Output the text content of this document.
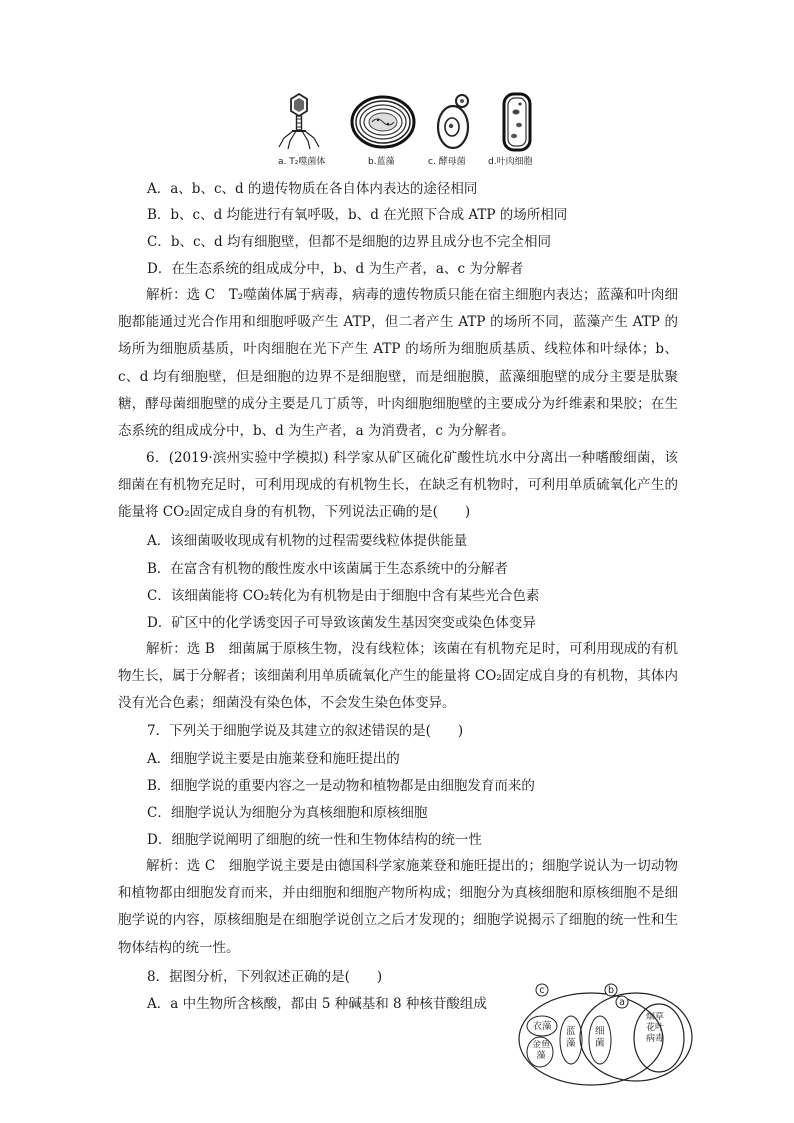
a. T₂噬菌体	b.蓝藻	c. 酵母菌 d.叶肉细胞
A．a、b、c、d 的遗传物质在各自体内表达的途径相同
B．b、c、d 均能进行有氧呼吸，b、d 在光照下合成 ATP 的场所相同
C．b、c、d 均有细胞壁，但都不是细胞的边界且成分也不完全相同
D．在生态系统的组成成分中，b、d 为生产者，a、c 为分解者
解析：选 C　T₂噬菌体属于病毒，病毒的遗传物质只能在宿主细胞内表达；蓝藻和叶肉细胞都能通过光合作用和细胞呼吸产生 ATP，但二者产生 ATP 的场所不同，蓝藻产生 ATP 的场所为细胞质基质，叶肉细胞在光下产生 ATP 的场所为细胞质基质、线粒体和叶绿体；b、c、d 均有细胞壁，但是细胞的边界不是细胞壁，而是细胞膜，蓝藻细胞壁的成分主要是肽聚糖，酵母菌细胞壁的成分主要是几丁质等，叶肉细胞细胞壁的主要成分为纤维素和果胶；在生态系统的组成成分中，b、d 为生产者，a 为消费者，c 为分解者。
6．(2019·滨州实验中学模拟) 科学家从矿区硫化矿酸性坑水中分离出一种嗜酸细菌，该细菌在有机物充足时，可利用现成的有机物生长，在缺乏有机物时，可利用单质硫氧化产生的能量将 CO₂固定成自身的有机物，下列说法正确的是(　　)
A．该细菌吸收现成有机物的过程需要线粒体提供能量
B．在富含有机物的酸性废水中该菌属于生态系统中的分解者
C．该细菌能将 CO₂转化为有机物是由于细胞中含有某些光合色素
D．矿区中的化学诱变因子可导致该菌发生基因突变或染色体变异
解析：选 B　细菌属于原核生物，没有线粒体；该菌在有机物充足时，可利用现成的有机物生长，属于分解者；该细菌利用单质硫氧化产生的能量将 CO₂固定成自身的有机物，其体内没有光合色素；细菌没有染色体，不会发生染色体变异。
7．下列关于细胞学说及其建立的叙述错误的是(　　)
A．细胞学说主要是由施莱登和施旺提出的
B．细胞学说的重要内容之一是动物和植物都是由细胞发育而来的
C．细胞学说认为细胞分为真核细胞和原核细胞
D．细胞学说阐明了细胞的统一性和生物体结构的统一性
解析：选 C　细胞学说主要是由德国科学家施莱登和施旺提出的；细胞学说认为一切动物和植物都由细胞发育而来，并由细胞和细胞产物所构成；细胞分为真核细胞和原核细胞不是细胞学说的内容，原核细胞是在细胞学说创立之后才发现的；细胞学说揭示了细胞的统一性和生物体结构的统一性。
8．据图分析，下列叙述正确的是(　　)
A．a 中生物所含核酸，都由 5 种碱基和 8 种核苷酸组成
c	b
a
衣藻
金鱼藻
蓝藻
细菌
烟草花叶病毒
